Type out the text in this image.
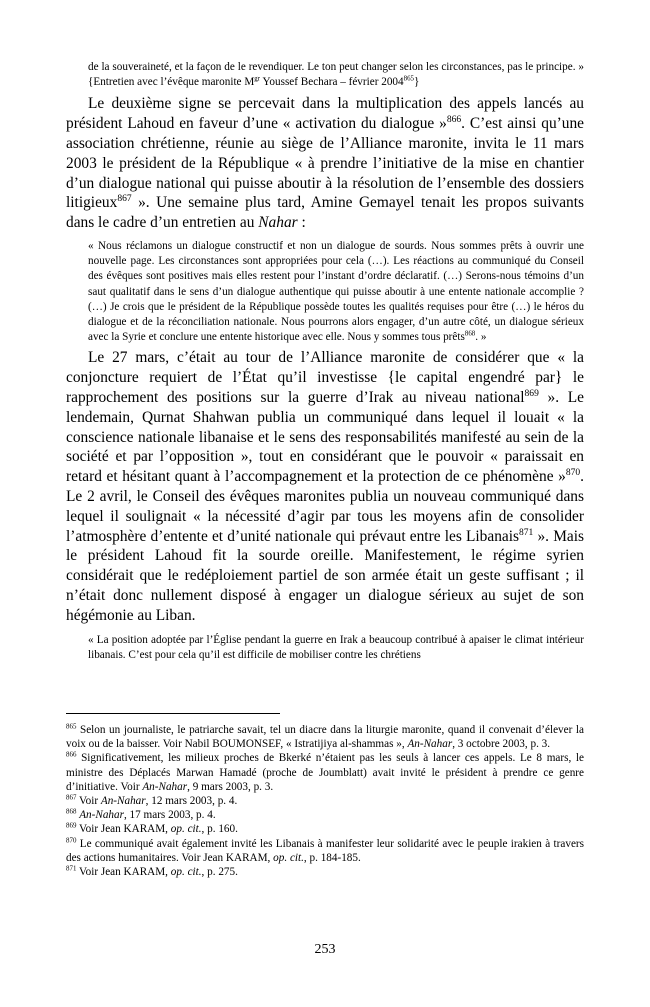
de la souveraineté, et la façon de le revendiquer. Le ton peut changer selon les circonstances, pas le principe. » {Entretien avec l’évêque maronite $M^{gr}$ Youssef Bechara – février 2004$^{865}$}

Le deuxième signe se percevait dans la multiplication des appels lancés au président Lahoud en faveur d’une « activation du dialogue »$^{866}$. C’est ainsi qu’une association chrétienne, réunie au siège de l’Alliance maronite, invita le 11 mars 2003 le président de la République « à prendre l’initiative de la mise en chantier d’un dialogue national qui puisse aboutir à la résolution de l’ensemble des dossiers litigieux$^{867}$ ». Une semaine plus tard, Amine Gemayel tenait les propos suivants dans le cadre d’un entretien au Nahar :

« Nous réclamons un dialogue constructif et non un dialogue de sourds. Nous sommes prêts à ouvrir une nouvelle page. Les circonstances sont appropriées pour cela (…). Les réactions au communiqué du Conseil des évêques sont positives mais elles restent pour l’instant d’ordre déclaratif. (…) Serons-nous témoins d’un saut qualitatif dans le sens d’un dialogue authentique qui puisse aboutir à une entente nationale accomplie ? (…) Je crois que le président de la République possède toutes les qualités requises pour être (…) le héros du dialogue et de la réconciliation nationale. Nous pourrons alors engager, d’un autre côté, un dialogue sérieux avec la Syrie et conclure une entente historique avec elle. Nous y sommes tous prêts$^{868}$. »

Le 27 mars, c’était au tour de l’Alliance maronite de considérer que « la conjoncture requiert de l’État qu’il investisse {le capital engendré par} le rapprochement des positions sur la guerre d’Irak au niveau national$^{869}$ ». Le lendemain, Qurnat Shahwan publia un communiqué dans lequel il louait « la conscience nationale libanaise et le sens des responsabilités manifesté au sein de la société et par l’opposition », tout en considérant que le pouvoir « paraissait en retard et hésitant quant à l’accompagnement et la protection de ce phénomène »$^{870}$. Le 2 avril, le Conseil des évêques maronites publia un nouveau communiqué dans lequel il soulignait « la nécessité d’agir par tous les moyens afin de consolider l’atmosphère d’entente et d’unité nationale qui prévaut entre les Libanais$^{871}$ ». Mais le président Lahoud fit la sourde oreille. Manifestement, le régime syrien considérait que le redéploiement partiel de son armée était un geste suffisant ; il n’était donc nullement disposé à engager un dialogue sérieux au sujet de son hégémonie au Liban.

« La position adoptée par l’Église pendant la guerre en Irak a beaucoup contribué à apaiser le climat intérieur libanais. C’est pour cela qu’il est difficile de mobiliser contre les chrétiens

$^{865}$ Selon un journaliste, le patriarche savait, tel un diacre dans la liturgie maronite, quand il convenait d’élever la voix ou de la baisser. Voir Nabil BOUMONSEF, « Istratijiya al-shammas », An-Nahar, 3 octobre 2003, p. 3.

$^{866}$ Significativement, les milieux proches de Bkerké n’étaient pas les seuls à lancer ces appels. Le 8 mars, le ministre des Déplacés Marwan Hamadé (proche de Joumblatt) avait invité le président à prendre ce genre d’initiative. Voir An-Nahar, 9 mars 2003, p. 3.

$^{867}$ Voir An-Nahar, 12 mars 2003, p. 4.

$^{868}$ An-Nahar, 17 mars 2003, p. 4.

$^{869}$ Voir Jean KARAM, op. cit., p. 160.

$^{870}$ Le communiqué avait également invité les Libanais à manifester leur solidarité avec le peuple irakien à travers des actions humanitaires. Voir Jean KARAM, op. cit., p. 184-185.

$^{871}$ Voir Jean KARAM, op. cit., p. 275.

253
